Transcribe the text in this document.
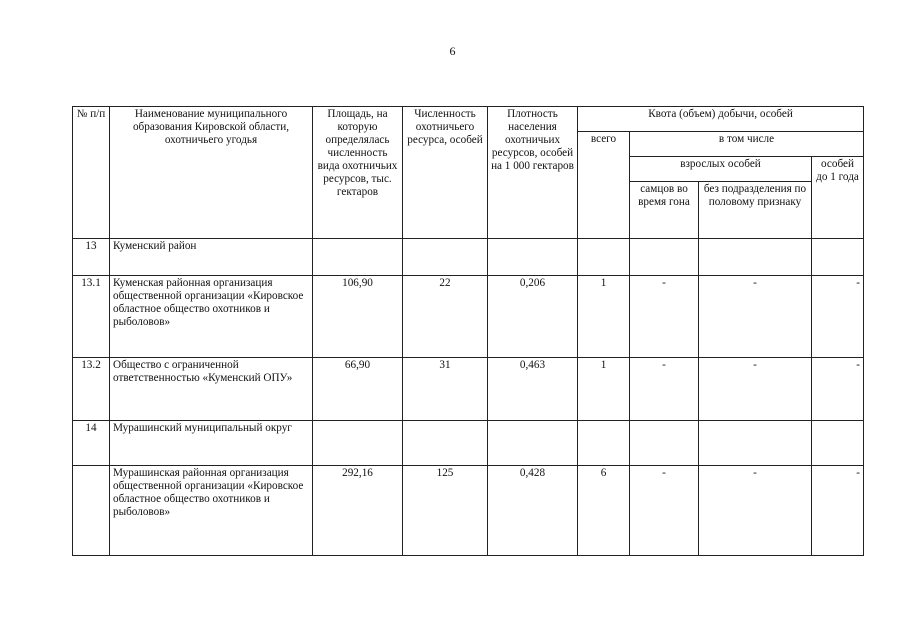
6
№ п/п	Наименование муниципального образования Кировской области, охотничьего угодья	Площадь, на которую определялась численность вида охотничьих ресурсов, тыс. гектаров	Численность охотничьего ресурса, особей	Плотность населения охотничьих ресурсов, особей на 1 000 гектаров	Квота (объем) добычи, особей			
					всего	в том числе		
						взрослых особей		особей до 1 года
						самцов во время гона	без подразделения по половому признаку	
13	Куменский район							
13.1	Куменская районная организация общественной организации «Кировское областное общество охотников и рыболовов»	106,90	22	0,206	1	-	-	-
13.2	Общество с ограниченной ответственностью «Куменский ОПУ»	66,90	31	0,463	1	-	-	-
14	Мурашинский муниципальный округ							
	Мурашинская районная организация общественной организации «Кировское областное общество охотников и рыболовов»	292,16	125	0,428	6	-	-	-
